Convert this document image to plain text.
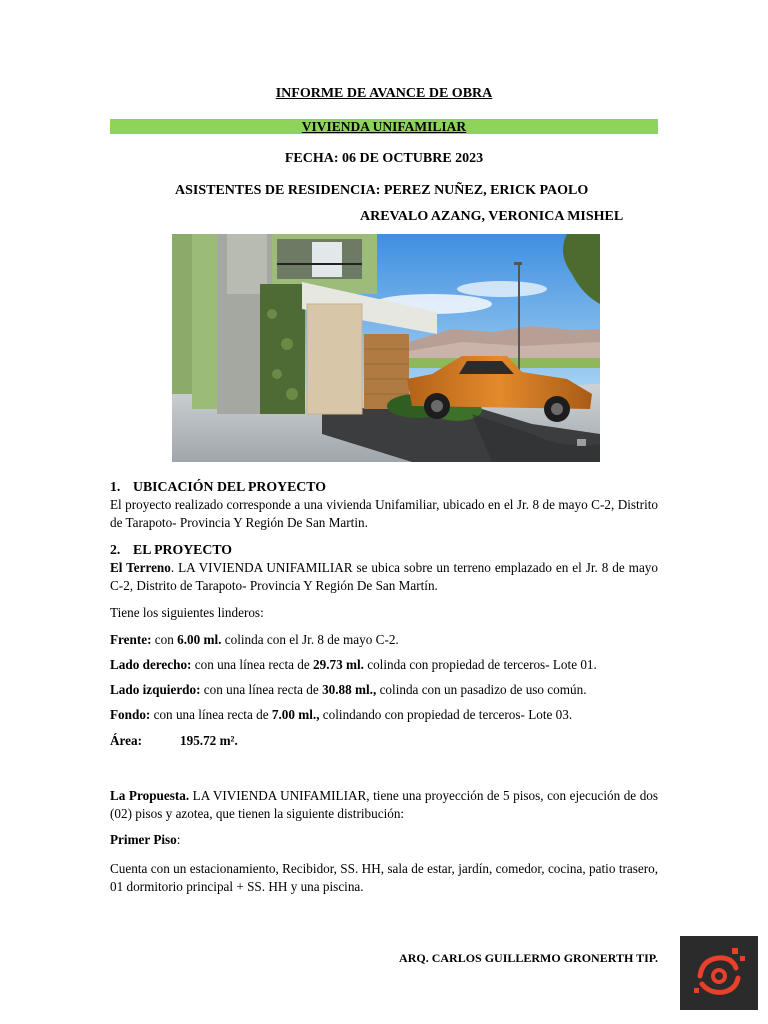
INFORME DE AVANCE DE OBRA
VIVIENDA UNIFAMILIAR
FECHA: 06 DE OCTUBRE 2023
ASISTENTES DE RESIDENCIA: PEREZ NUÑEZ, ERICK PAOLO
AREVALO AZANG, VERONICA MISHEL
1. UBICACIÓN DEL PROYECTO
El proyecto realizado corresponde a una vivienda Unifamiliar, ubicado en el Jr. 8 de mayo C-2, Distrito de Tarapoto- Provincia Y Región De San Martin.
2. EL PROYECTO
El Terreno. LA VIVIENDA UNIFAMILIAR se ubica sobre un terreno emplazado en el Jr. 8 de mayo C-2, Distrito de Tarapoto- Provincia Y Región De San Martín.
Tiene los siguientes linderos:
Frente: con 6.00 ml. colinda con el Jr. 8 de mayo C-2.
Lado derecho: con una línea recta de 29.73 ml. colinda con propiedad de terceros- Lote 01.
Lado izquierdo: con una línea recta de 30.88 ml., colinda con un pasadizo de uso común.
Fondo: con una línea recta de 7.00 ml., colindando con propiedad de terceros- Lote 03.
Área:	195.72 m².
La Propuesta. LA VIVIENDA UNIFAMILIAR, tiene una proyección de 5 pisos, con ejecución de dos (02) pisos y azotea, que tienen la siguiente distribución:
Primer Piso:
Cuenta con un estacionamiento, Recibidor, SS. HH, sala de estar, jardín, comedor, cocina, patio trasero, 01 dormitorio principal + SS. HH y una piscina.
ARQ. CARLOS GUILLERMO GRONERTH TIP.
